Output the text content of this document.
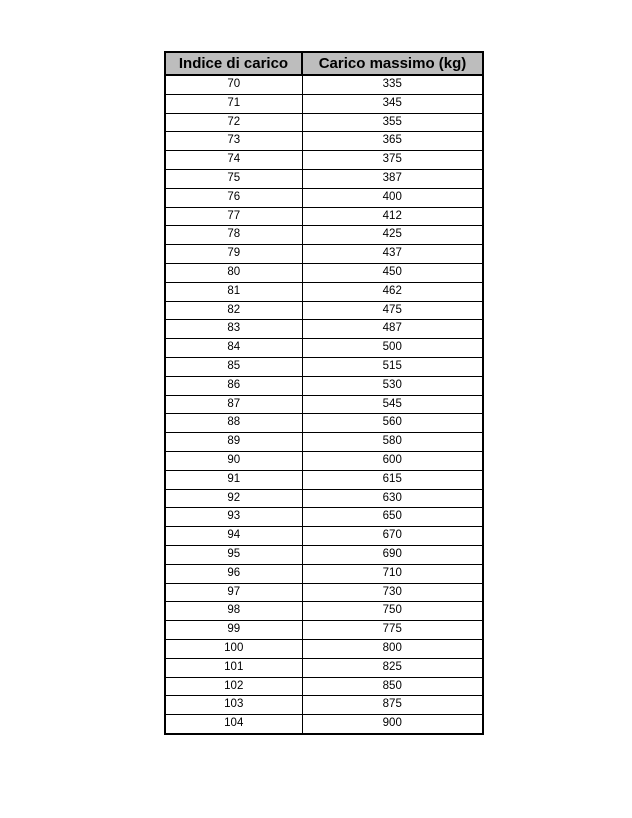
Indice di carico	Carico massimo (kg)
70	335
71	345
72	355
73	365
74	375
75	387
76	400
77	412
78	425
79	437
80	450
81	462
82	475
83	487
84	500
85	515
86	530
87	545
88	560
89	580
90	600
91	615
92	630
93	650
94	670
95	690
96	710
97	730
98	750
99	775
100	800
101	825
102	850
103	875
104	900
